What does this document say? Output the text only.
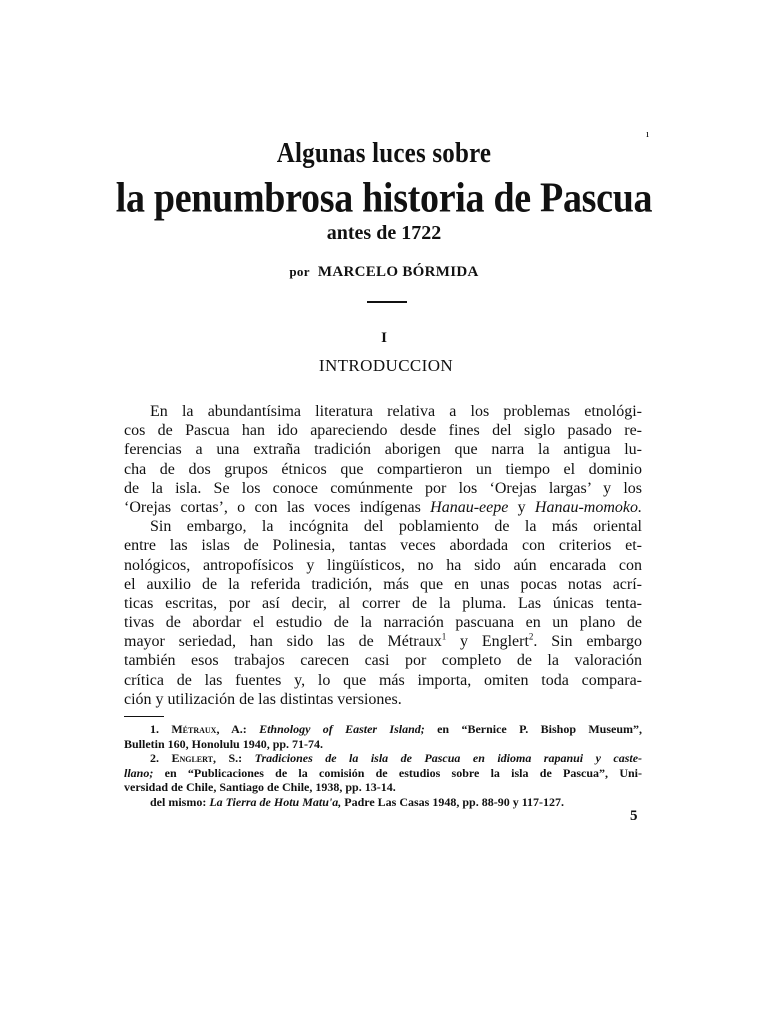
ı
Algunas luces sobre
la penumbrosa historia de Pascua
antes de 1722
por MARCELO BÓRMIDA
I
INTRODUCCION
En la abundantísima literatura relativa a los problemas etnológi-
cos de Pascua han ido apareciendo desde fines del siglo pasado re-
ferencias a una extraña tradición aborigen que narra la antigua lu-
cha de dos grupos étnicos que compartieron un tiempo el dominio
de la isla. Se los conoce comúnmente por los ‘Orejas largas’ y los
‘Orejas cortas’, o con las voces indígenas Hanau-eepe y Hanau-momoko.
Sin embargo, la incógnita del poblamiento de la más oriental
entre las islas de Polinesia, tantas veces abordada con criterios et-
nológicos, antropofísicos y lingüísticos, no ha sido aún encarada con
el auxilio de la referida tradición, más que en unas pocas notas acrí-
ticas escritas, por así decir, al correr de la pluma. Las únicas tenta-
tivas de abordar el estudio de la narración pascuana en un plano de
mayor seriedad, han sido las de Métraux$^1$ y Englert$^2$. Sin embargo
también esos trabajos carecen casi por completo de la valoración
crítica de las fuentes y, lo que más importa, omiten toda compara-
ción y utilización de las distintas versiones.
1. Métraux, A.: Ethnology of Easter Island; en “Bernice P. Bishop Museum”,
Bulletin 160, Honolulu 1940, pp. 71-74.
2. Englert, S.: Tradiciones de la isla de Pascua en idioma rapanui y caste-
llano; en “Publicaciones de la comisión de estudios sobre la isla de Pascua”, Uni-
versidad de Chile, Santiago de Chile, 1938, pp. 13-14.
del mismo: La Tierra de Hotu Matu'a, Padre Las Casas 1948, pp. 88-90 y 117-127.
5
